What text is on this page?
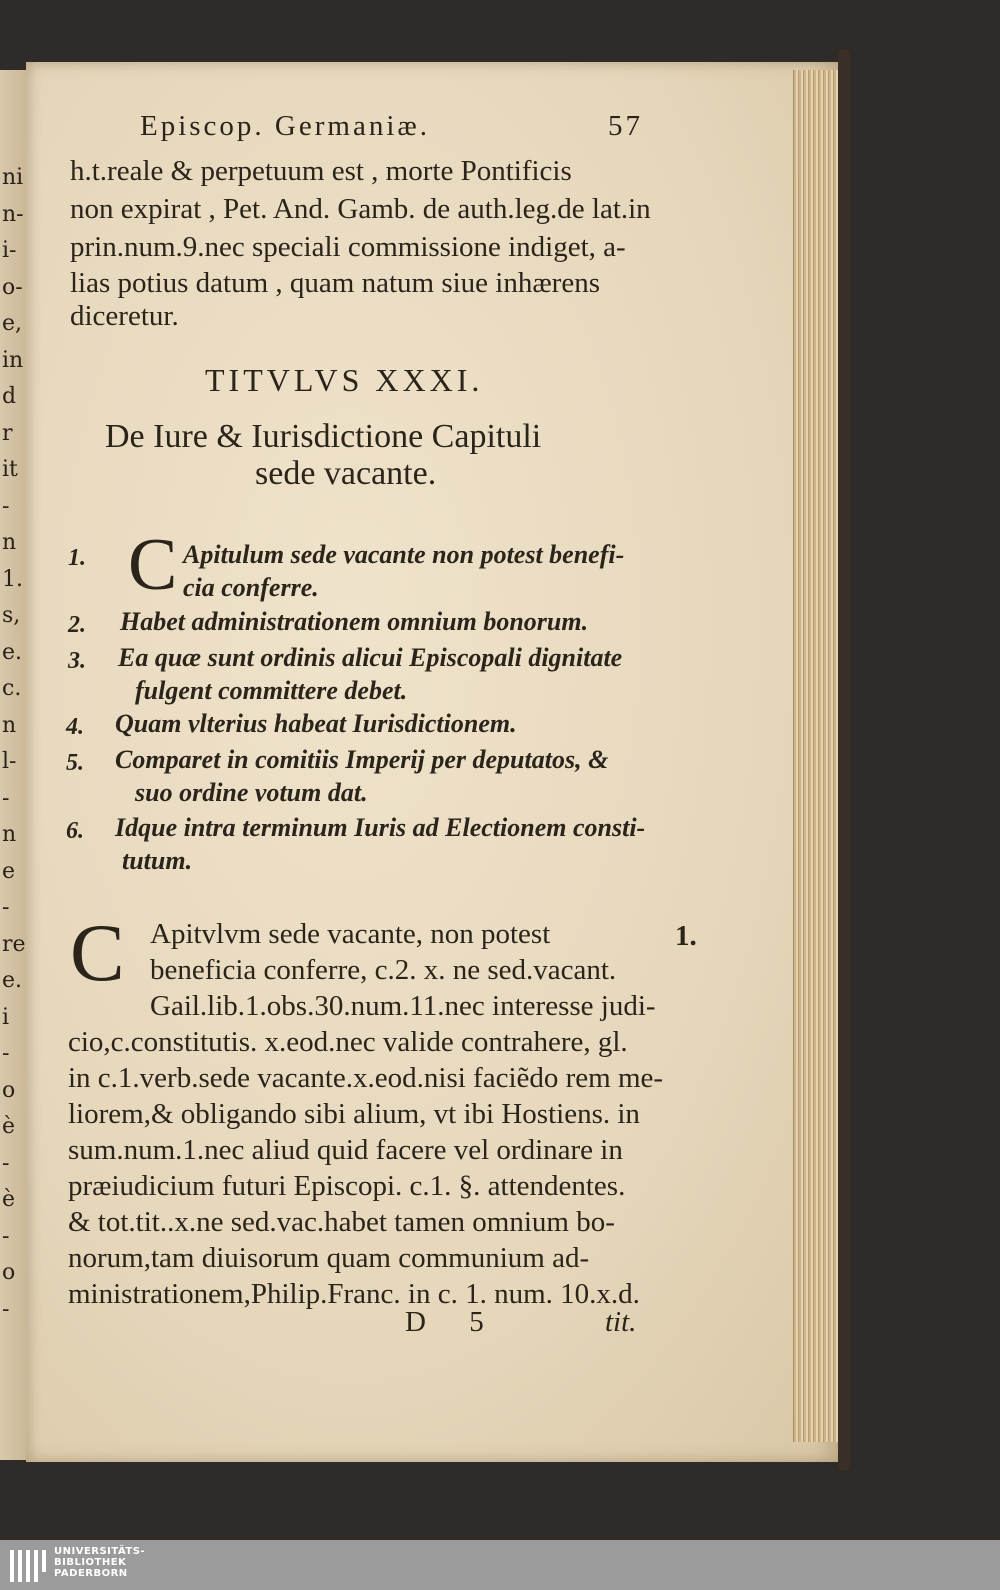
ni
n-
i-
o-
e,
in
d
r
it
-
n
1.
s,
e.
c.
n
l-
-
n
e
-
re
e.
i
-
o
è
-
è
-
o
-
Episcop. Germaniæ.	57
h.t.reale & perpetuum est , morte Pontificis
non expirat , Pet. And. Gamb. de auth.leg.de lat.in
prin.num.9.nec speciali commissione indiget, a-
lias potius datum , quam natum siue inhærens
diceretur.
TITVLVS XXXI.
De Iure & Iurisdictione Capituli
sede vacante.
C
1.	Apitulum sede vacante non potest benefi-
cia conferre.
2. Habet administrationem omnium bonorum.
3. Ea quæ sunt ordinis alicui Episcopali dignitate
fulgent committere debet.
4. Quam vlterius habeat Iurisdictionem.
5. Comparet in comitiis Imperij per deputatos, &
suo ordine votum dat.
6. Idque intra terminum Iuris ad Electionem consti-
tutum.
C	1.
Apitvlvm sede vacante, non potest
beneficia conferre, c.2. x. ne sed.vacant.
Gail.lib.1.obs.30.num.11.nec interesse judi-
cio,c.constitutis. x.eod.nec valide contrahere, gl.
in c.1.verb.sede vacante.x.eod.nisi faciẽdo rem me-
liorem,& obligando sibi alium, vt ibi Hostiens. in
sum.num.1.nec aliud quid facere vel ordinare in
præiudicium futuri Episcopi. c.1. §. attendentes.
& tot.tit..x.ne sed.vac.habet tamen omnium bo-
norum,tam diuisorum quam communium ad-
ministrationem,Philip.Franc. in c. 1. num. 10.x.d.
D 5	tit.
UNIVERSITÄTS-
BIBLIOTHEK
PADERBORN
